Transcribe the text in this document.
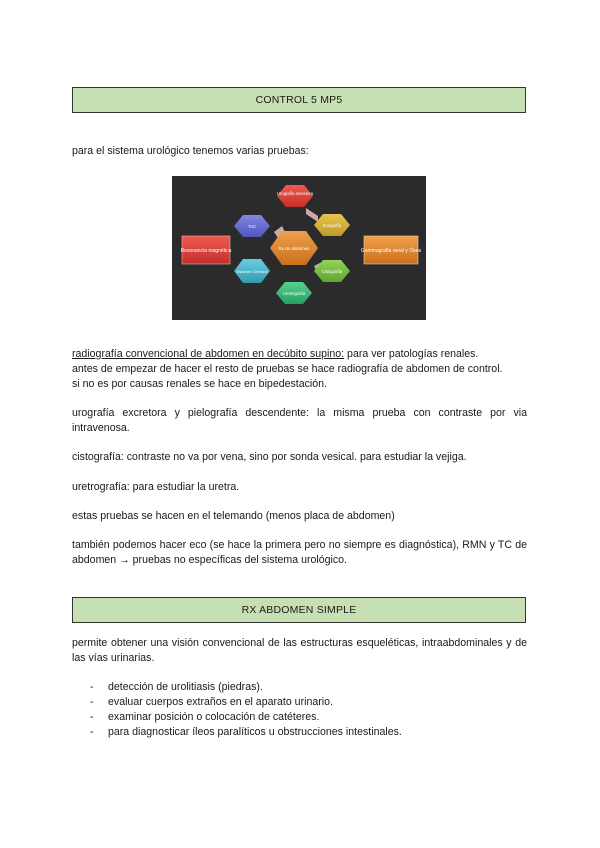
CONTROL 5 MP5

para el sistema urológico tenemos varias pruebas:

Urografía excretora
Ecografía
Cistografía
Uretrografía
Escáner Cerebral
TAC
Rx de abdomen
Resonancia magnética	Gammagrafía renal y Ósea

radiografía convencional de abdomen en decúbito supino: para ver patologías renales.

antes de empezar de hacer el resto de pruebas se hace radiografía de abdomen de control.

si no es por causas renales se hace en bipedestación.

urografía excretora y pielografía descendente: la misma prueba con contraste por via intravenosa.

cistografía: contraste no va por vena, sino por sonda vesical. para estudiar la vejiga.

uretrografía: para estudiar la uretra.

estas pruebas se hacen en el telemando (menos placa de abdomen)

también podemos hacer eco (se hace la primera pero no siempre es diagnóstica), RMN y TC de abdomen → pruebas no específicas del sistema urológico.

RX ABDOMEN SIMPLE

permite obtener una visión convencional de las estructuras esqueléticas, intraabdominales y de las vías urinarias.

- detección de urolitiasis (piedras).
- evaluar cuerpos extraños en el aparato urinario.
- examinar posición o colocación de catéteres.
- para diagnosticar íleos paralíticos u obstrucciones intestinales.
